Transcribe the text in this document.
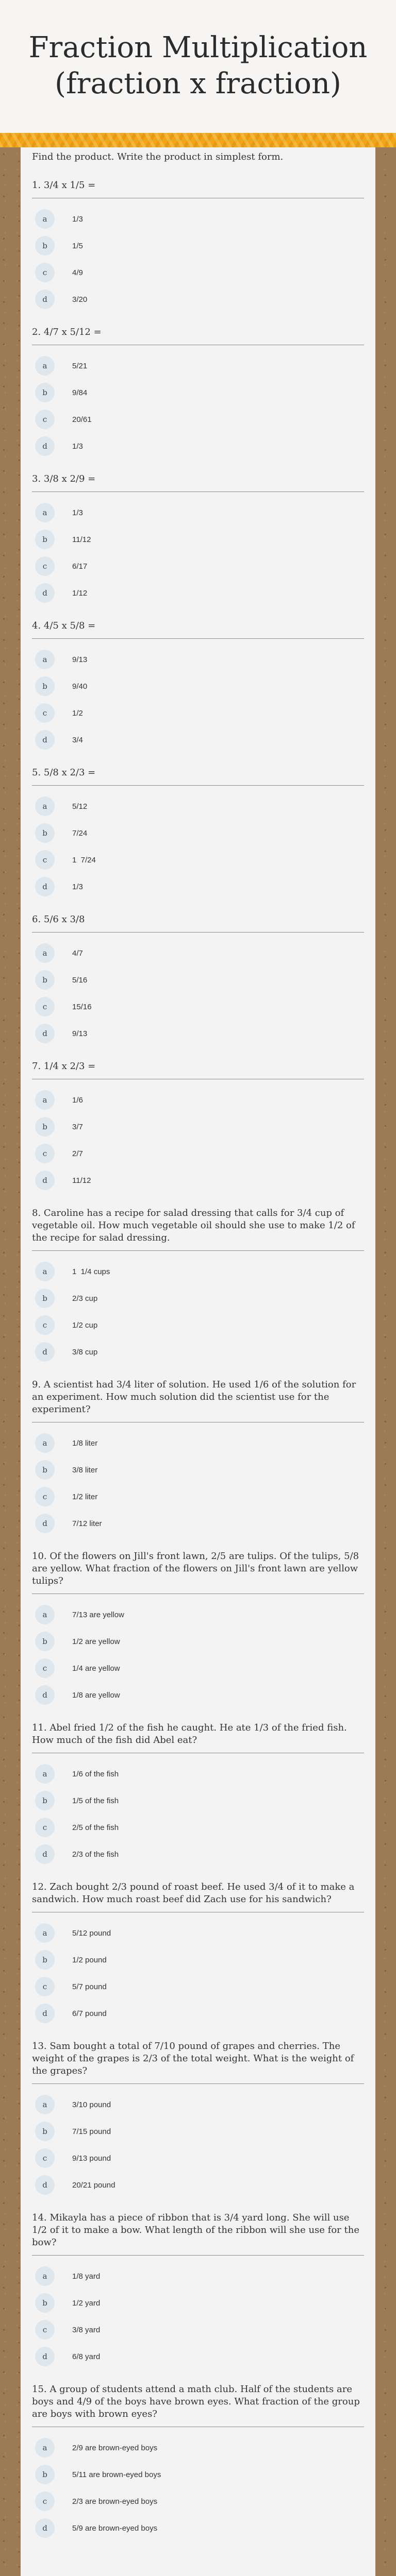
Fraction Multiplication (fraction x fraction)

Find the product. Write the product in simplest form.

1. 3/4 x 1/5 =

a	1/3
b	1/5
c	4/9
d	3/20

2. 4/7 x 5/12 =

a	5/21
b	9/84
c	20/61
d	1/3

3. 3/8 x 2/9 =

a	1/3
b	11/12
c	6/17
d	1/12

4. 4/5 x 5/8 =

a	9/13
b	9/40
c	1/2
d	3/4

5. 5/8 x 2/3 =

a	5/12
b	7/24
c	1  7/24
d	1/3

6. 5/6 x 3/8

a	4/7
b	5/16
c	15/16
d	9/13

7. 1/4 x 2/3 =

a	1/6
b	3/7
c	2/7
d	11/12

8. Caroline has a recipe for salad dressing that calls for 3/4 cup of vegetable oil. How much vegetable oil should she use to make 1/2 of the recipe for salad dressing.

a	1  1/4 cups
b	2/3 cup
c	1/2 cup
d	3/8 cup

9. A scientist had 3/4 liter of solution. He used 1/6 of the solution for an experiment. How much solution did the scientist use for the experiment?

a	1/8 liter
b	3/8 liter
c	1/2 liter
d	7/12 liter

10. Of the flowers on Jill's front lawn, 2/5 are tulips. Of the tulips, 5/8 are yellow. What fraction of the flowers on Jill's front lawn are yellow tulips?

a	7/13 are yellow
b	1/2 are yellow
c	1/4 are yellow
d	1/8 are yellow

11. Abel fried 1/2 of the fish he caught. He ate 1/3 of the fried fish. How much of the fish did Abel eat?

a	1/6 of the fish
b	1/5 of the fish
c	2/5 of the fish
d	2/3 of the fish

12. Zach bought 2/3 pound of roast beef. He used 3/4 of it to make a sandwich. How much roast beef did Zach use for his sandwich?

a	5/12 pound
b	1/2 pound
c	5/7 pound
d	6/7 pound

13. Sam bought a total of 7/10 pound of grapes and cherries. The weight of the grapes is 2/3 of the total weight. What is the weight of the grapes?

a	3/10 pound
b	7/15 pound
c	9/13 pound
d	20/21 pound

14. Mikayla has a piece of ribbon that is 3/4 yard long. She will use 1/2 of it to make a bow. What length of the ribbon will she use for the bow?

a	1/8 yard
b	1/2 yard
c	3/8 yard
d	6/8 yard

15. A group of students attend a math club. Half of the students are boys and 4/9 of the boys have brown eyes. What fraction of the group are boys with brown eyes?

a	2/9 are brown-eyed boys
b	5/11 are brown-eyed boys
c	2/3 are brown-eyed boys
d	5/9 are brown-eyed boys
